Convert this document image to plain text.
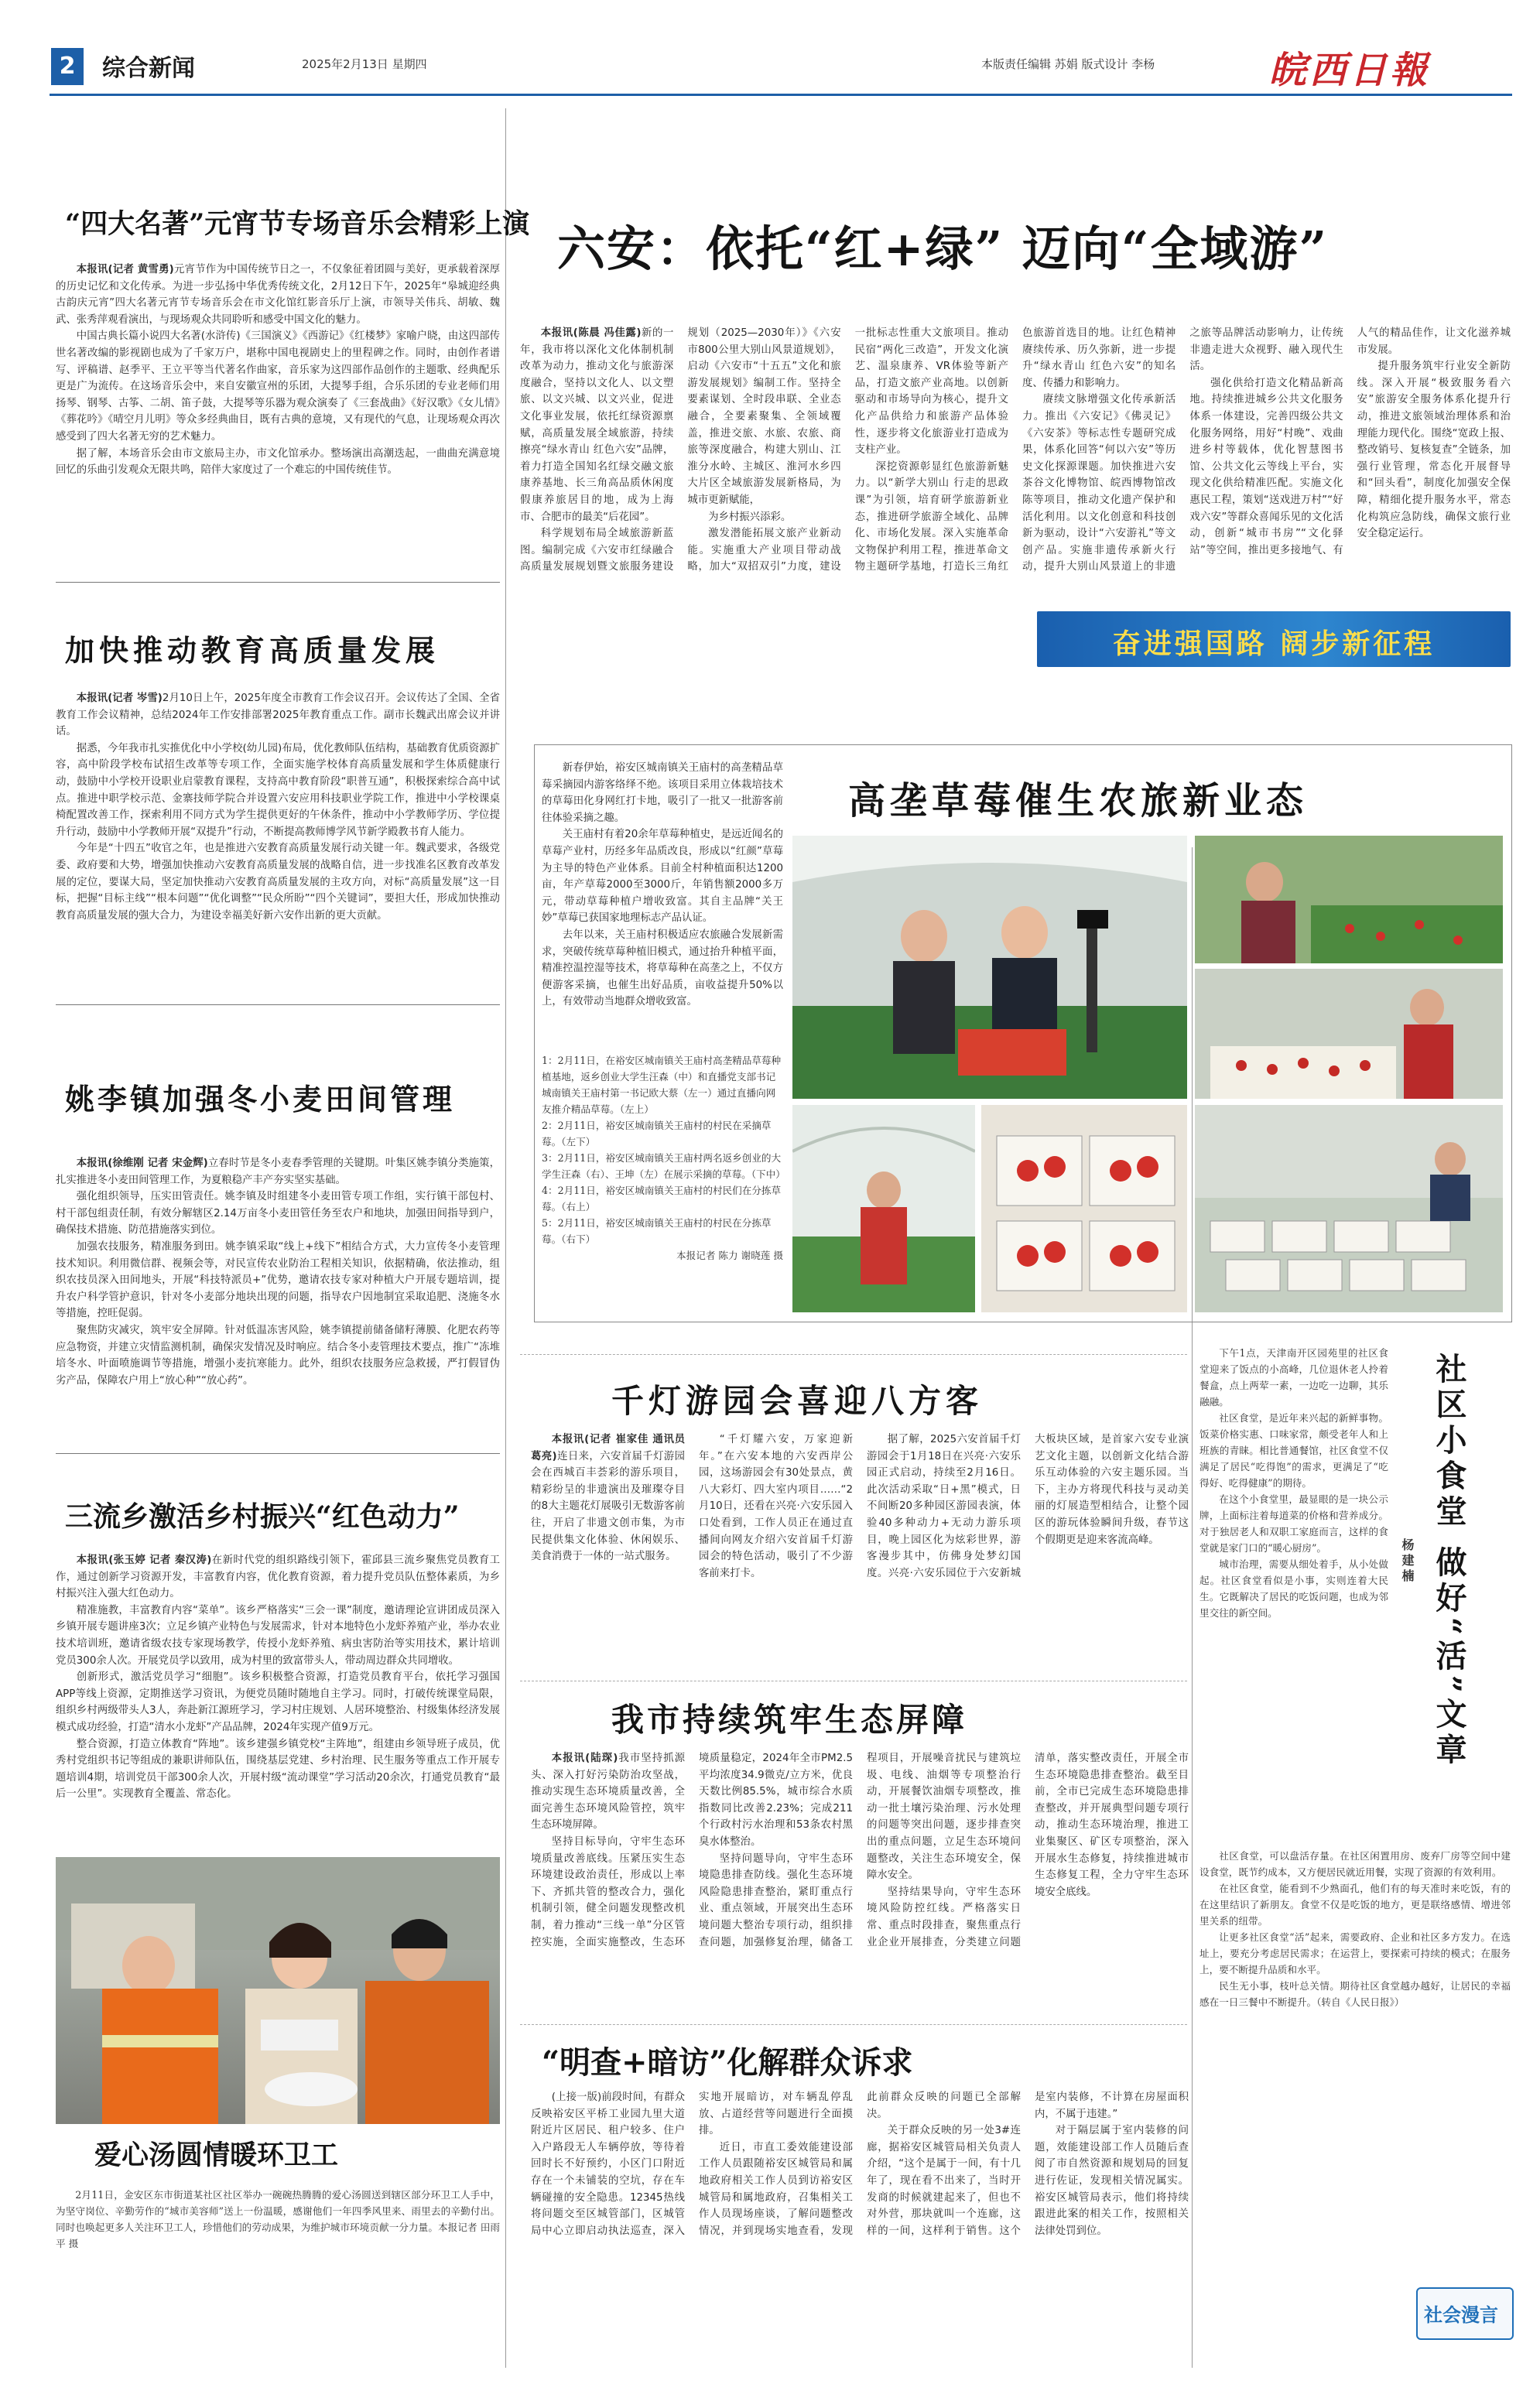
2	综合新闻	2025年2月13日 星期四	本版责任编辑 苏娟 版式设计 李杨	皖西日報
“四大名著”元宵节专场音乐会精彩上演

本报讯(记者 黄雪勇)元宵节作为中国传统节日之一，不仅象征着团圆与美好，更承载着深厚的历史记忆和文化传承。为进一步弘扬中华优秀传统文化，2月12日下午，2025年“皋城迎经典 古韵庆元宵”四大名著元宵节专场音乐会在市文化馆红影音乐厅上演，市领导关伟兵、胡敏、魏武、张秀萍观看演出，与现场观众共同聆听和感受中国文化的魅力。

中国古典长篇小说四大名著(水浒传)《三国演义》《西游记》《红楼梦》家喻户晓，由这四部传世名著改编的影视剧也成为了千家万户，堪称中国电视剧史上的里程碑之作。同时，由创作者谱写、评稿谱、赵季平、王立平等当代著名作曲家，音乐家为这四部作品创作的主题歌、经典配乐更是广为流传。在这场音乐会中，来自安徽宣州的乐团，大提琴手组，合乐乐团的专业老师们用扬琴、钢琴、古筝、二胡、笛子鼓，大提琴等乐器为观众演奏了《三套战曲》《好汉歌》《女儿情》《葬花吟》《晴空月儿明》等众多经典曲目，既有古典的意境，又有现代的气息，让现场观众再次感受到了四大名著无穷的艺术魅力。

据了解，本场音乐会由市文旅局主办，市文化馆承办。整场演出高潮迭起，一曲曲充满意境回忆的乐曲引发观众无限共鸣，陪伴大家度过了一个难忘的中国传统佳节。

加快推动教育高质量发展

本报讯(记者 岑雪)2月10日上午，2025年度全市教育工作会议召开。会议传达了全国、全省教育工作会议精神，总结2024年工作安排部署2025年教育重点工作。副市长魏武出席会议并讲话。

据悉，今年我市扎实推优化中小学校(幼儿园)布局，优化教师队伍结构，基础教育优质资源扩容，高中阶段学校布试招生改革等专项工作，全面实施学校体育高质量发展和学生体质健康行动，鼓励中小学校开设职业启蒙教育课程，支持高中教育阶段“职普互通”，积极探索综合高中试点。推进中职学校示范、金寨技师学院合并设置六安应用科技职业学院工作，推进中小学校课桌椅配置改善工作，探索利用不同方式为学生提供更好的午休条件，推动中小学教师学历、学位提升行动，鼓励中小学教师开展“双提升”行动，不断提高教师博学风节新学殿教书育人能力。

今年是“十四五”收官之年，也是推进六安教育高质量发展行动关键一年。魏武要求，各级党委、政府要和大势，增强加快推动六安教育高质量发展的战略自信，进一步找准名区教育改革发展的定位，要谋大局，坚定加快推动六安教育高质量发展的主攻方向，对标“高质量发展”这一目标，把握“目标主线”“根本问题”“优化调整”“民众所盼”“四个关键词”，要担大任，形成加快推动教育高质量发展的强大合力，为建设幸福美好新六安作出新的更大贡献。

姚李镇加强冬小麦田间管理

本报讯(徐维刚 记者 宋金辉)立春时节是冬小麦春季管理的关键期。叶集区姚李镇分类施策，扎实推进冬小麦田间管理工作，为夏粮稳产丰产夯实坚实基础。

强化组织领导，压实田管责任。姚李镇及时组建冬小麦田管专项工作组，实行镇干部包村、村干部包组责任制，有效分解辖区2.14万亩冬小麦田管任务至农户和地块，加强田间指导到户，确保技术措施、防范措施落实到位。

加强农技服务，精准服务到田。姚李镇采取“线上+线下”相结合方式，大力宣传冬小麦管理技术知识。利用微信群、视频会等，对民宣传农业防治工程相关知识，依据精确，依法推动，组织农技员深入田间地头，开展“科技特派员+”优势，邀请农技专家对种植大户开展专题培训，提升农户科学管护意识，针对冬小麦部分地块出现的问题，指导农户因地制宜采取追肥、浇施冬水等措施，控旺促弱。

聚焦防灾减灾，筑牢安全屏障。针对低温冻害风险，姚李镇提前储备储籽薄膜、化肥农药等应急物资，并建立灾情监测机制，确保灾发情况及时响应。结合冬小麦管理技术要点，推广“冻堆培冬水、叶面喷施调节等措施，增强小麦抗寒能力。此外，组织农技服务应急救援，严打假冒伪劣产品，保障农户用上“放心种”“放心药”。

三流乡激活乡村振兴“红色动力”

本报讯(张玉婷 记者 秦汉涛)在新时代党的组织路线引领下，霍邱县三流乡聚焦党员教育工作，通过创新学习资源开发，丰富教育内容，优化教育资源，着力提升党员队伍整体素质，为乡村振兴注入强大红色动力。

精准施教，丰富教育内容“菜单”。该乡严格落实“三会一课”制度，邀请理论宣讲团成员深入乡镇开展专题讲座3次；立足乡镇产业特色与发展需求，针对本地特色小龙虾养殖产业，举办农业技术培训班，邀请省级农技专家现场教学，传授小龙虾养殖、病虫害防治等实用技术，累计培训党员300余人次。开展党员学以致用，成为村里的致富带头人，带动周边群众共同增收。

创新形式，激活党员学习“细胞”。该乡积极整合资源，打造党员教育平台，依托学习强国APP等线上资源，定期推送学习资讯，为便党员随时随地自主学习。同时，打破传统课堂局限，组织乡村两级带头人3人，奔赴新江源班学习，学习村庄规划、人居环境整治、村级集体经济发展模式成功经验，打造“清水小龙虾”产品品牌，2024年实现产值9万元。

整合资源，打造立体教育“阵地”。该乡建强乡镇党校“主阵地”，组建由乡领导班子成员，优秀村党组织书记等组成的兼职讲师队伍，围绕基层党建、乡村治理、民生服务等重点工作开展专题培训4期，培训党员干部300余人次，开展村级“流动课堂”学习活动20余次，打通党员教育“最后一公里”。实现教育全覆盖、常态化。

爱心汤圆情暖环卫工
2月11日，金安区东市街道某社区社区举办一碗碗热腾腾的爱心汤圆送到辖区部分环卫工人手中，为坚守岗位、辛勤劳作的“城市美容师”送上一份温暖，感谢他们一年四季风里来、雨里去的辛勤付出。同时也唤起更多人关注环卫工人，珍惜他们的劳动成果，为维护城市环境贡献一分力量。本报记者 田雨平 摄
六安：依托“红+绿” 迈向“全域游”

本报讯(陈晨 冯佳露)新的一年，我市将以深化文化体制机制改革为动力，推动文化与旅游深度融合，坚持以文化人、以文塑旅、以文兴城、以文兴业，促进文化事业发展，依托红绿资源禀赋，高质量发展全域旅游，持续擦亮“绿水青山 红色六安”品牌，着力打造全国知名红绿交融文旅康养基地、长三角高品质休闲度假康养旅居目的地，成为上海市、合肥市的最美“后花园”。

科学规划布局全域旅游新蓝图。编制完成《六安市红绿融合高质量发展规划暨文旅服务建设规划（2025—2030年）》《六安市800公里大别山风景道规划》，启动《六安市“十五五”文化和旅游发展规划》编制工作。坚持全要素谋划、全时段串联、全业态融合，全要素聚集、全领域覆盖，推进交旅、水旅、农旅、商旅等深度融合，构建大别山、江淮分水岭、主城区、淮河水乡四大片区全域旅游发展新格局，为城市更新赋能，

为乡村振兴添彩。

激发潜能拓展文旅产业新动能。实施重大产业项目带动战略，加大“双招双引”力度，建设一批标志性重大文旅项目。推动民宿“两化三改造”，开发文化演艺、温泉康养、VR体验等新产品，打造文旅产业高地。以创新驱动和市场导向为核心，提升文化产品供给力和旅游产品体验性，逐步将文化旅游业打造成为支柱产业。

深挖资源彰显红色旅游新魅力。以“新学大别山 行走的思政课”为引领，培育研学旅游新业态，推进研学旅游全域化、品牌化、市场化发展。深入实施革命文物保护利用工程，推进革命文物主题研学基地，打造长三角红色旅游首选目的地。让红色精神赓续传承、历久弥新，进一步提升“绿水青山 红色六安”的知名度、传播力和影响力。

赓续文脉增强文化传承新活力。推出《六安记》《佛灵记》《六安茶》等标志性专题研究成果，体系化回答“何以六安”等历史文化探源课题。加快推进六安茶谷文化博物馆、皖西博物馆改陈等项目，推动文化遗产保护和活化利用。以文化创意和科技创新为驱动，设计“六安游礼”等文创产品。实施非遗传承新火行动，提升大别山风景道上的非遗之旅等品牌活动影响力，让传统非遗走进大众视野、融入现代生活。

强化供给打造文化精品新高地。持续推进城乡公共文化服务体系一体建设，完善四级公共文化服务网络，用好“村晚”、戏曲进乡村等载体，优化智慧图书馆、公共文化云等线上平台，实现文化供给精准匹配。实施文化惠民工程，策划“送戏进万村”“好戏六安”等群众喜闻乐见的文化活动，创新“城市书房”“文化驿站”等空间，推出更多接地气、有人气的精品佳作，让文化滋养城市发展。

提升服务筑牢行业安全新防线。深入开展“极致服务看六安”旅游安全服务体系化提升行动，推进文旅领域治理体系和治理能力现代化。围绕“宽政上报、整改销号、复核复查”全链条，加强行业管理，常态化开展督导和“回头看”，制度化加强安全保障，精细化提升服务水平，常态化构筑应急防线，确保文旅行业安全稳定运行。

奋进强国路 阔步新征程

新春伊始，裕安区城南镇关王庙村的高垄精品草莓采摘园内游客络绎不绝。该项目采用立体栽培技术的草莓田化身网红打卡地，吸引了一批又一批游客前往体验采摘之趣。

关王庙村有着20余年草莓种植史，是远近闻名的草莓产业村，历经多年品质改良，形成以“红颜”草莓为主导的特色产业体系。目前全村种植面积达1200亩，年产草莓2000至3000斤，年销售额2000多万元，带动草莓种植户增收致富。其自主品牌“关王妙”草莓已获国家地理标志产品认证。

去年以来，关王庙村积极适应农旅融合发展新需求，突破传统草莓种植旧模式，通过抬升种植平面，精准控温控湿等技术，将草莓种在高垄之上，不仅方便游客采摘，也催生出好品质，亩收益提升50%以上，有效带动当地群众增收致富。

1：2月11日，在裕安区城南镇关王庙村高垄精品草莓种植基地，返乡创业大学生汪森（中）和直播党支部书记城南镇关王庙村第一书记欧大蔡（左一）通过直播向网友推介精品草莓。（左上）

2：2月11日，裕安区城南镇关王庙村的村民在采摘草莓。（左下）

3：2月11日，裕安区城南镇关王庙村两名返乡创业的大学生汪森（右）、王坤（左）在展示采摘的草莓。（下中）

4：2月11日，裕安区城南镇关王庙村的村民们在分拣草莓。（右上）

5：2月11日，裕安区城南镇关王庙村的村民在分拣草莓。（右下）

本报记者 陈力 谢晓莲 摄

高垄草莓催生农旅新业态
千灯游园会喜迎八方客

本报讯(记者 崔家佳 通讯员 葛亮)连日来，六安首届千灯游园会在西城百丰荟彩的游乐项目，精彩纷呈的非遗演出及璀璨夺目的8大主题花灯展吸引无数游客前往，开启了非遗文创市集，为市民提供集文化体验、休闲娱乐、美食消费于一体的一站式服务。

“千灯耀六安，万家迎新年。”在六安本地的六安西岸公园，这场游园会有30处景点，黄八大彩灯、四大室内项目……“2月10日，还看在兴亮·六安乐园入口处看到，工作人员正在通过直播间向网友介绍六安首届千灯游园会的特色活动，吸引了不少游客前来打卡。

据了解，2025六安首届千灯游园会于1月18日在兴亮·六安乐园正式启动，持续至2月16日。此次活动采取“日+黑”模式，日不间断20多种园区游园表演，体验40多种动力+无动力游乐项目，晚上园区化为炫彩世界，游客漫步其中，仿佛身处梦幻国度。兴亮·六安乐园位于六安新城大板块区域，是首家六安专业演艺文化主题，以创新文化结合游乐互动体验的六安主题乐园。当下，主办方将现代科技与灵动美丽的灯展造型相结合，让整个园区的游玩体验瞬间升级，春节这个假期更是迎来客流高峰。

我市持续筑牢生态屏障

本报讯(陆琛)我市坚持抓源头、深入打好污染防治攻坚战，推动实现生态环境质量改善，全面完善生态环境风险管控，筑牢生态环境屏障。

坚持目标导向，守牢生态环境质量改善底线。压紧压实生态环境建设政治责任，形成以上率下、齐抓共管的整改合力，强化机制引领，健全问题发现整改机制，着力推动“三线一单”分区管控实施，全面实施整改，生态环境质量稳定，2024年全市PM2.5平均浓度34.9微克/立方米，优良天数比例85.5%，城市综合水质指数同比改善2.23%；完成211个行政村污水治理和53条农村黑臭水体整治。

坚持问题导向，守牢生态环境隐患排查防线。强化生态环境风险隐患排查整治，紧盯重点行业、重点领域，开展突出生态环境问题大整治专项行动，组织排查问题，加强修复治理，储备工程项目，开展噪音扰民与建筑垃圾、电线、油烟等专项整治行动，开展餐饮油烟专项整改，推动一批土壤污染治理、污水处理的问题等突出问题，逐步排查突出的重点问题，立足生态环境问题整改，关注生态环境安全，保障水安全。

坚持结果导向，守牢生态环境风险防控红线。严格落实日常、重点时段排查，聚焦重点行业企业开展排查，分类建立问题清单，落实整改责任，开展全市生态环境隐患排查整治。截至目前，全市已完成生态环境隐患排查整改，并开展典型问题专项行动，推动生态环境治理，推进工业集聚区、矿区专项整治，深入开展水生态修复，持续推进城市生态修复工程，全力守牢生态环境安全底线。

“明查+暗访”化解群众诉求

(上接一版)前段时间，有群众反映裕安区平桥工业园九里大道附近片区居民、租户较多、住户入户路段无人车辆停放，等待着回时长不好预约，小区门口附近存在一个未铺装的空坑，存在车辆碰撞的安全隐患。12345热线将问题交至区城管部门，区城管局中心立即启动执法巡查，深入实地开展暗访，对车辆乱停乱放、占道经营等问题进行全面摸排。

近日，市直工委效能建设部工作人员跟随裕安区城管局和属地政府相关工作人员到访裕安区城管局和属地政府，召集相关工作人员现场座谈，了解问题整改情况，并到现场实地查看，发现此前群众反映的问题已全部解决。

关于群众反映的另一处3#连廊，据裕安区城管局相关负责人介绍，“这个是属于一间，有十几年了，现在看不出来了，当时开发商的时候就建起来了，但也不对外营，那块就叫一个连廊，这样的一间，这样利于销售。这个是室内装修，不计算在房屋面积内，不属于违建。”

对于隔层属于室内装修的问题，效能建设部工作人员随后查阅了市自然资源和规划局的回复进行佐证，发现相关情况属实。裕安区城管局表示，他们将持续跟进此案的相关工作，按照相关法律处罚到位。

社区小食堂 做好“活”文章
杨建楠

下午1点，天津南开区园苑里的社区食堂迎来了饭点的小高峰，几位退休老人拎着餐盒，点上两荤一素，一边吃一边聊，其乐融融。

社区食堂，是近年来兴起的新鲜事物。饭菜价格实惠、口味家常，颇受老年人和上班族的青睐。相比普通餐馆，社区食堂不仅满足了居民“吃得饱”的需求，更满足了“吃得好、吃得健康”的期待。

在这个小食堂里，最显眼的是一块公示牌，上面标注着每道菜的价格和营养成分。对于独居老人和双职工家庭而言，这样的食堂就是家门口的“暖心厨房”。

城市治理，需要从细处着手，从小处做起。社区食堂看似是小事，实则连着大民生。它既解决了居民的吃饭问题，也成为邻里交往的新空间。

社区食堂，可以盘活存量。在社区闲置用房、废弃厂房等空间中建设食堂，既节约成本，又方便居民就近用餐，实现了资源的有效利用。

在社区食堂，能看到不少熟面孔，他们有的每天准时来吃饭，有的在这里结识了新朋友。食堂不仅是吃饭的地方，更是联络感情、增进邻里关系的纽带。

让更多社区食堂“活”起来，需要政府、企业和社区多方发力。在选址上，要充分考虑居民需求；在运营上，要探索可持续的模式；在服务上，要不断提升品质和水平。

民生无小事，枝叶总关情。期待社区食堂越办越好，让居民的幸福感在一日三餐中不断提升。（转自《人民日报》）

社会漫言
